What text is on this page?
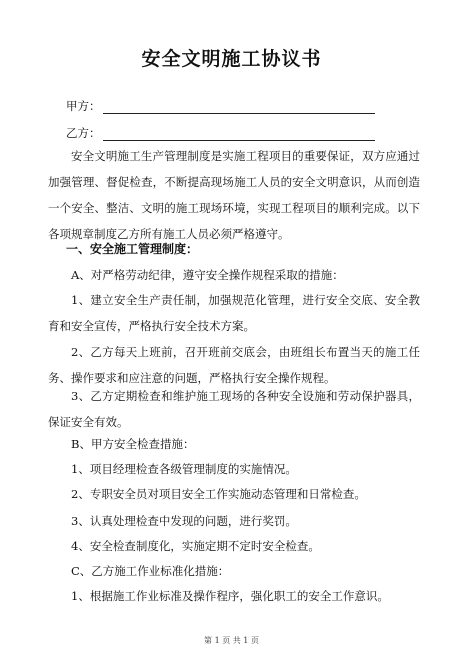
安全文明施工协议书
甲方：
乙方：

安全文明施工生产管理制度是实施工程项目的重要保证，双方应通过加强管理、督促检查，不断提高现场施工人员的安全文明意识，从而创造一个安全、整洁、文明的施工现场环境，实现工程项目的顺利完成。以下各项规章制度乙方所有施工人员必须严格遵守。

一、安全施工管理制度：

A、对严格劳动纪律，遵守安全操作规程采取的措施：

1、建立安全生产责任制，加强规范化管理，进行安全交底、安全教育和安全宣传，严格执行安全技术方案。

2、乙方每天上班前，召开班前交底会，由班组长布置当天的施工任务、操作要求和应注意的问题，严格执行安全操作规程。

3、乙方定期检查和维护施工现场的各种安全设施和劳动保护器具，保证安全有效。

B、甲方安全检查措施：

1、项目经理检查各级管理制度的实施情况。

2、专职安全员对项目安全工作实施动态管理和日常检查。

3、认真处理检查中发现的问题，进行奖罚。

4、安全检查制度化，实施定期不定时安全检查。

C、乙方施工作业标准化措施：

1、根据施工作业标准及操作程序，强化职工的安全工作意识。

第 1 页 共 1 页
